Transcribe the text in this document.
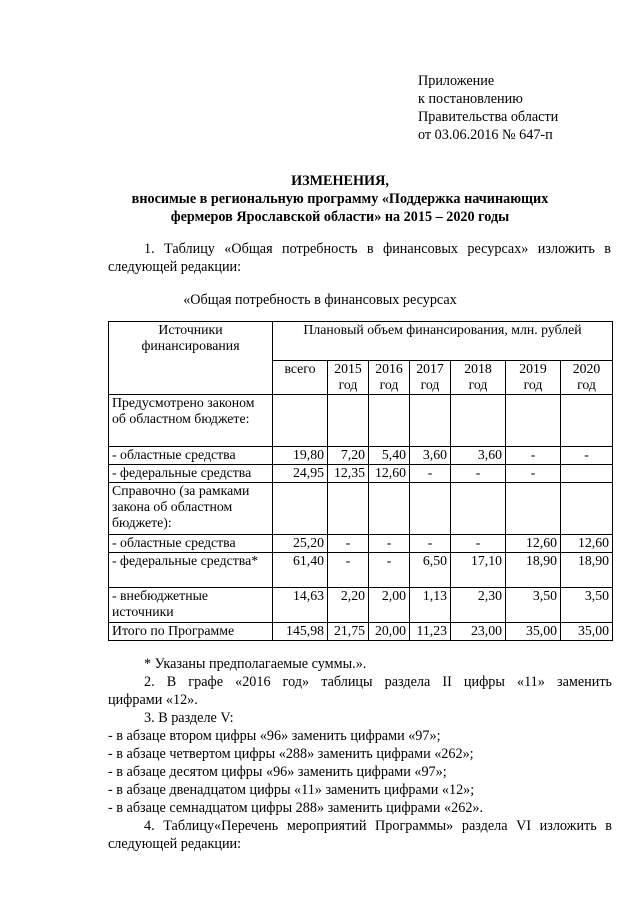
Приложение
к постановлению
Правительства области
от 03.06.2016 № 647-п
ИЗМЕНЕНИЯ,
вносимые в региональную программу «Поддержка начинающих
фермеров Ярославской области» на 2015 – 2020 годы
1. Таблицу «Общая потребность в финансовых ресурсах» изложить в следующей редакции:
«Общая потребность в финансовых ресурсах
Источники финансирования	Плановый объем финансирования, млн. рублей						
	всего	2015 год	2016 год	2017 год	2018 год	2019 год	2020 год
Предусмотрено законом об областном бюджете:							
- областные средства	19,80	7,20	5,40	3,60	3,60	-	-
- федеральные средства	24,95	12,35	12,60	-	-	-	
Справочно (за рамками закона об областном бюджете):							
- областные средства	25,20	-	-	-	-	12,60	12,60
- федеральные средства*	61,40	-	-	6,50	17,10	18,90	18,90
- внебюджетные источники	14,63	2,20	2,00	1,13	2,30	3,50	3,50
Итого по Программе	145,98	21,75	20,00	11,23	23,00	35,00	35,00
* Указаны предполагаемые суммы.».
2. В графе «2016 год» таблицы раздела II цифры «11» заменить
цифрами «12».
3. В разделе V:
- в абзаце втором цифры «96» заменить цифрами «97»;
- в абзаце четвертом цифры «288» заменить цифрами «262»;
- в абзаце десятом цифры «96» заменить цифрами «97»;
- в абзаце двенадцатом цифры «11» заменить цифрами «12»;
- в абзаце семнадцатом цифры 288» заменить цифрами «262».
4. Таблицу«Перечень мероприятий Программы» раздела VI изложить в
следующей редакции:
